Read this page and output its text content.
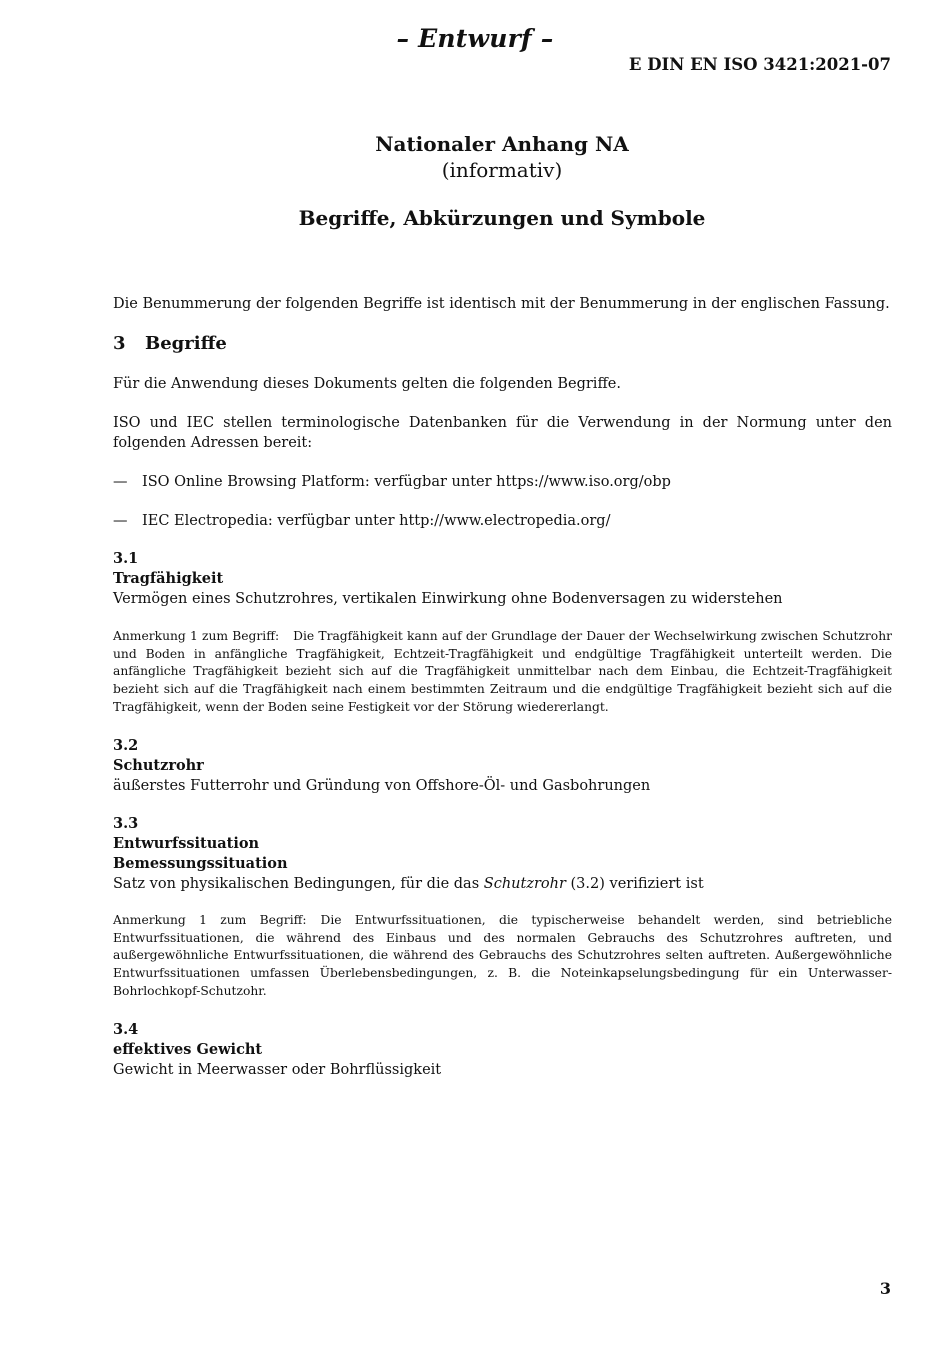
– Entwurf –
E DIN EN ISO 3421:2021-07
Nationaler Anhang NA
(informativ)
Begriffe, Abkürzungen und Symbole
Die Benummerung der folgenden Begriffe ist identisch mit der Benummerung in der englischen Fassung.
3 Begriffe
Für die Anwendung dieses Dokuments gelten die folgenden Begriffe.
ISO und IEC stellen terminologische Datenbanken für die Verwendung in der Normung unter den folgenden Adressen bereit:
— ISO Online Browsing Platform: verfügbar unter https://www.iso.org/obp
— IEC Electropedia: verfügbar unter http://www.electropedia.org/
3.1
Tragfähigkeit
Vermögen eines Schutzrohres, vertikalen Einwirkung ohne Bodenversagen zu widerstehen
Anmerkung 1 zum Begriff: Die Tragfähigkeit kann auf der Grundlage der Dauer der Wechselwirkung zwischen Schutzrohr und Boden in anfängliche Tragfähigkeit, Echtzeit-Tragfähigkeit und endgültige Tragfähigkeit unterteilt werden. Die anfängliche Tragfähigkeit bezieht sich auf die Tragfähigkeit unmittelbar nach dem Einbau, die Echtzeit-Tragfähigkeit bezieht sich auf die Tragfähigkeit nach einem bestimmten Zeitraum und die endgültige Tragfähigkeit bezieht sich auf die Tragfähigkeit, wenn der Boden seine Festigkeit vor der Störung wiedererlangt.
3.2
Schutzrohr
äußerstes Futterrohr und Gründung von Offshore-Öl- und Gasbohrungen
3.3
Entwurfssituation
Bemessungssituation
Satz von physikalischen Bedingungen, für die das Schutzrohr (3.2) verifiziert ist
Anmerkung 1 zum Begriff: Die Entwurfssituationen, die typischerweise behandelt werden, sind betriebliche Entwurfssituationen, die während des Einbaus und des normalen Gebrauchs des Schutzrohres auftreten, und außergewöhnliche Entwurfssituationen, die während des Gebrauchs des Schutzrohres selten auftreten. Außergewöhnliche Entwurfssituationen umfassen Überlebensbedingungen, z. B. die Noteinkapselungsbedingung für ein Unterwasser-Bohrlochkopf-Schutzohr.
3.4
effektives Gewicht
Gewicht in Meerwasser oder Bohrflüssigkeit
3
